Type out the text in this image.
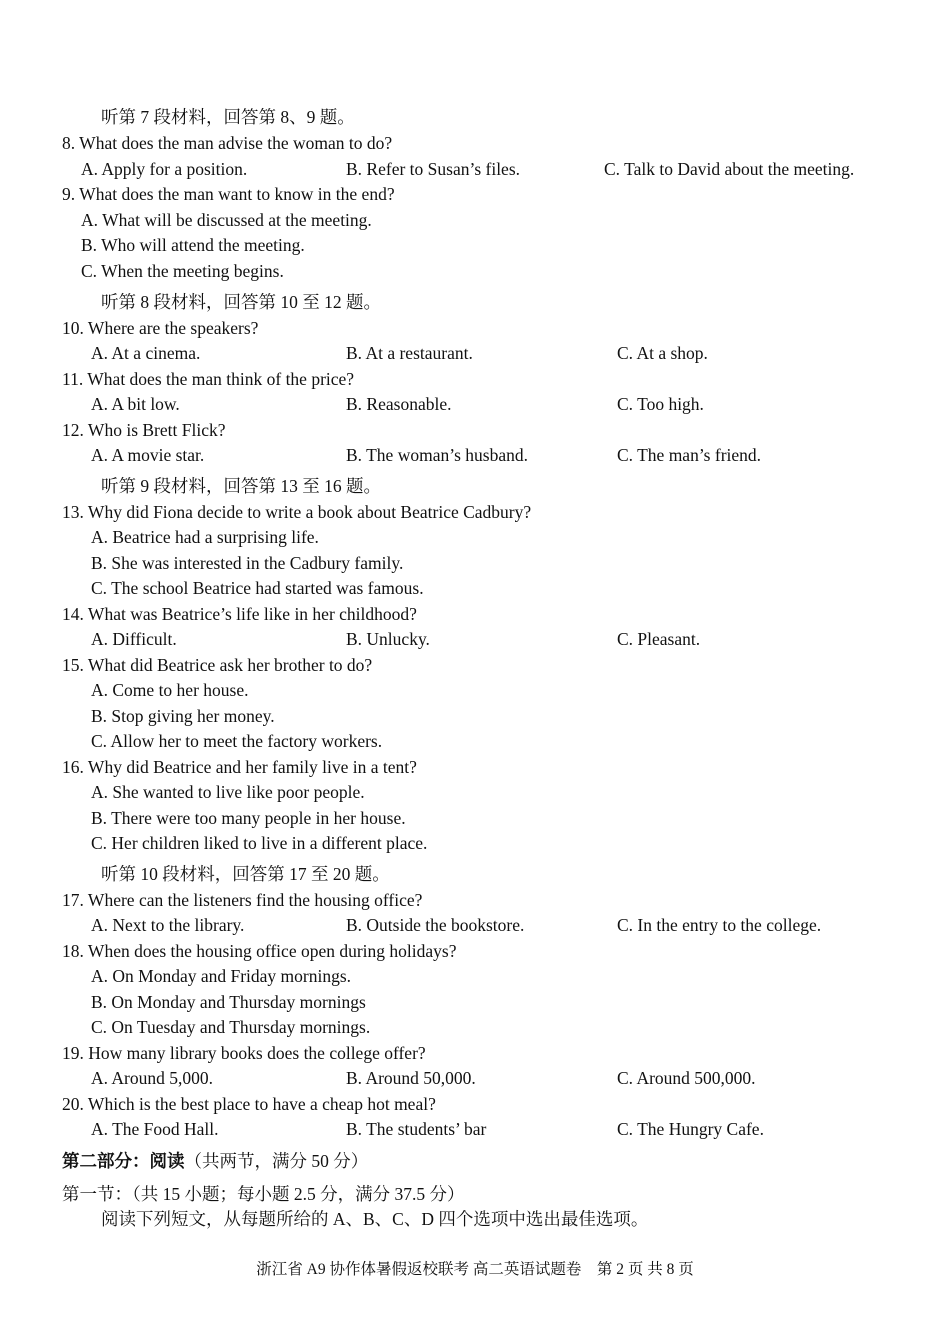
听第 7 段材料，回答第 8、9 题。
8. What does the man advise the woman to do?
A. Apply for a position.	B. Refer to Susan’s files.	C. Talk to David about the meeting.
9. What does the man want to know in the end?
A. What will be discussed at the meeting.
B. Who will attend the meeting.
C. When the meeting begins.
听第 8 段材料，回答第 10 至 12 题。
10. Where are the speakers?
A. At a cinema.	B. At a restaurant.	C. At a shop.
11. What does the man think of the price?
A. A bit low.	B. Reasonable.	C. Too high.
12. Who is Brett Flick?
A. A movie star.	B. The woman’s husband.	C. The man’s friend.
听第 9 段材料，回答第 13 至 16 题。
13. Why did Fiona decide to write a book about Beatrice Cadbury?
A. Beatrice had a surprising life.
B. She was interested in the Cadbury family.
C. The school Beatrice had started was famous.
14. What was Beatrice’s life like in her childhood?
A. Difficult.	B. Unlucky.	C. Pleasant.
15. What did Beatrice ask her brother to do?
A. Come to her house.
B. Stop giving her money.
C. Allow her to meet the factory workers.
16. Why did Beatrice and her family live in a tent?
A. She wanted to live like poor people.
B. There were too many people in her house.
C. Her children liked to live in a different place.
听第 10 段材料，回答第 17 至 20 题。
17. Where can the listeners find the housing office?
A. Next to the library.	B. Outside the bookstore.	C. In the entry to the college.
18. When does the housing office open during holidays?
A. On Monday and Friday mornings.
B. On Monday and Thursday mornings
C. On Tuesday and Thursday mornings.
19. How many library books does the college offer?
A. Around 5,000.	B. Around 50,000.	C. Around 500,000.
20. Which is the best place to have a cheap hot meal?
A. The Food Hall.	B. The students’ bar	C. The Hungry Cafe.
第二部分：阅读（共两节，满分 50 分）
第一节：（共 15 小题；每小题 2.5 分，满分 37.5 分）
阅读下列短文，从每题所给的 A、B、C、D 四个选项中选出最佳选项。
浙江省 A9 协作体暑假返校联考 高二英语试题卷　第 2 页 共 8 页
